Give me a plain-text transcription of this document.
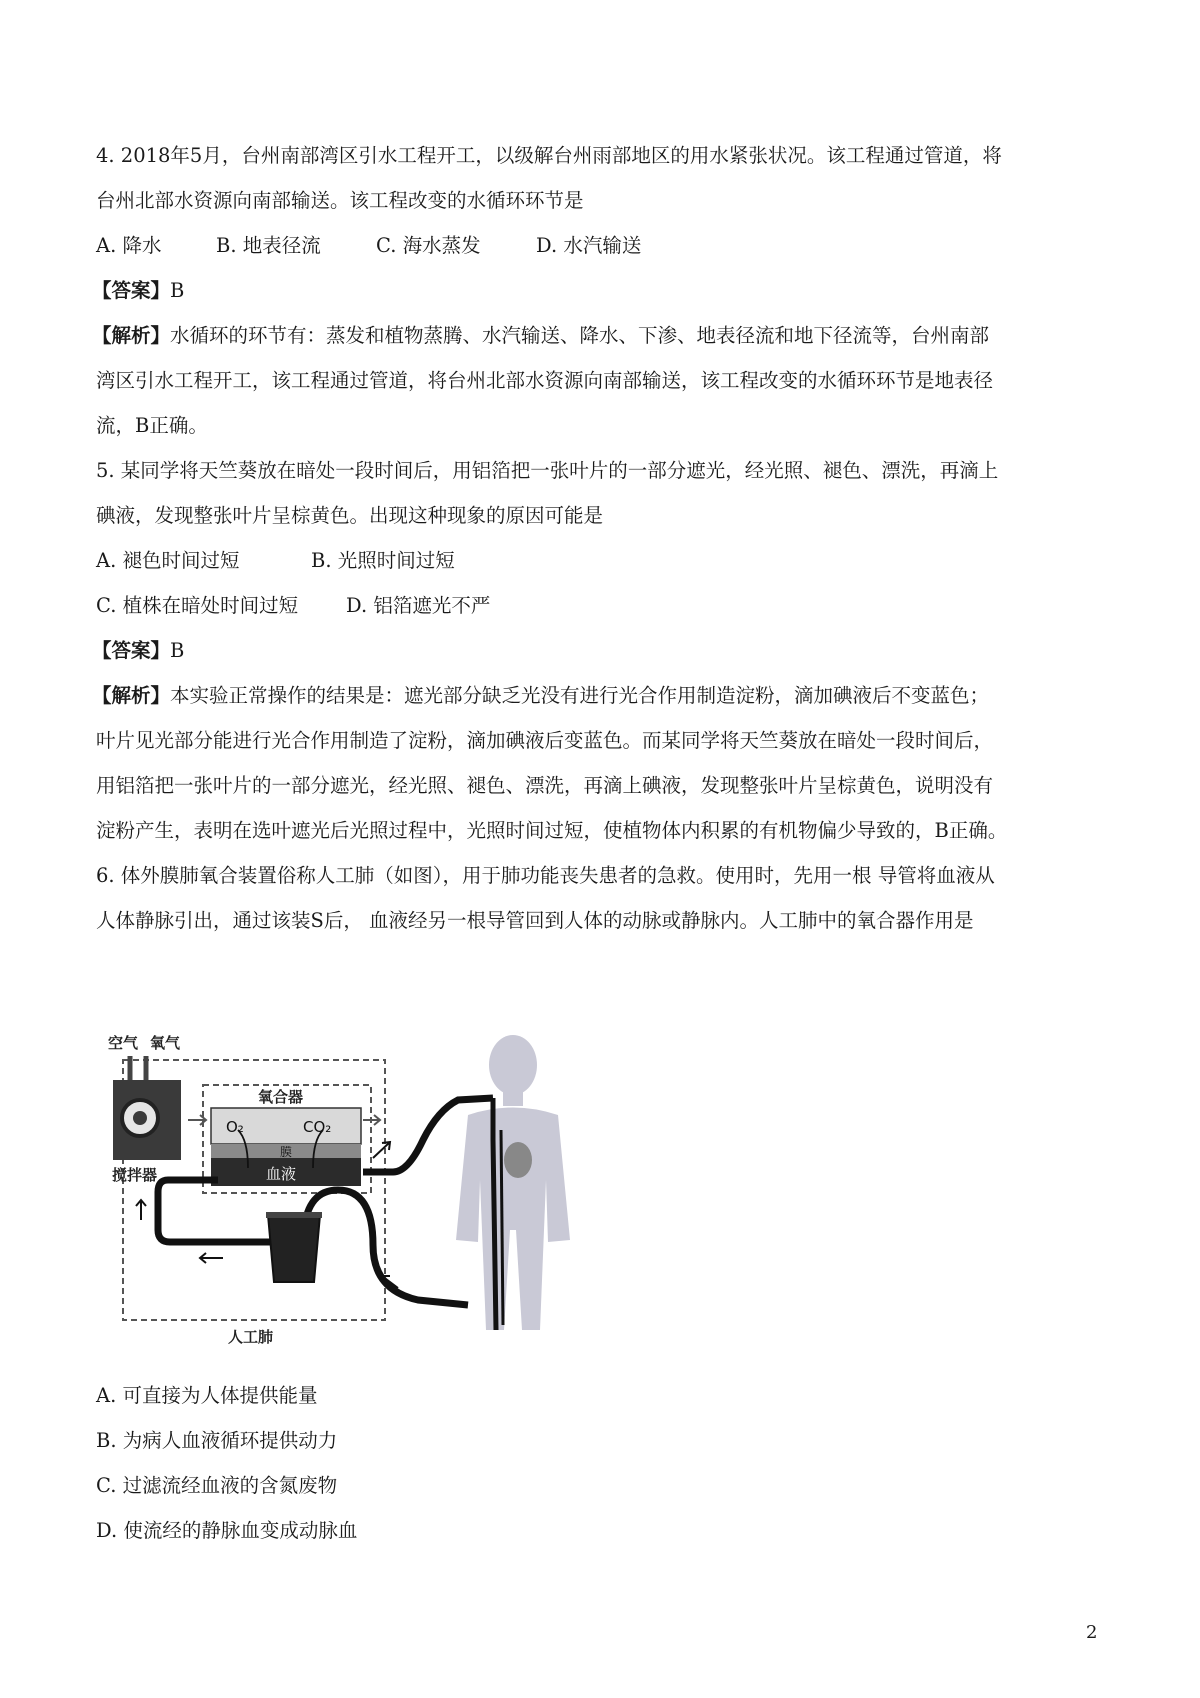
4. 2018年5月，台州南部湾区引水工程开工，以级解台州雨部地区的用水紧张状况。该工程通过管道，将
台州北部水资源向南部输送。该工程改变的水循环环节是
A. 降水	B. 地表径流	C. 海水蒸发	D. 水汽输送
【答案】B
【解析】水循环的环节有：蒸发和植物蒸腾、水汽输送、降水、下渗、地表径流和地下径流等，台州南部
湾区引水工程开工，该工程通过管道，将台州北部水资源向南部输送，该工程改变的水循环环节是地表径
流，B正确。
5. 某同学将天竺葵放在暗处一段时间后，用铝箔把一张叶片的一部分遮光，经光照、褪色、漂洗，再滴上
碘液，发现整张叶片呈棕黄色。出现这种现象的原因可能是
A. 褪色时间过短	B. 光照时间过短
C. 植株在暗处时间过短 D. 铝箔遮光不严
【答案】B
【解析】本实验正常操作的结果是：遮光部分缺乏光没有进行光合作用制造淀粉，滴加碘液后不变蓝色；
叶片见光部分能进行光合作用制造了淀粉，滴加碘液后变蓝色。而某同学将天竺葵放在暗处一段时间后，
用铝箔把一张叶片的一部分遮光，经光照、褪色、漂洗，再滴上碘液，发现整张叶片呈棕黄色，说明没有
淀粉产生，表明在选叶遮光后光照过程中，光照时间过短，使植物体内积累的有机物偏少导致的，B正确。
6. 体外膜肺氧合装置俗称人工肺（如图），用于肺功能丧失患者的急救。使用时，先用一根 导管将血液从
人体静脉引出，通过该装S后， 血液经另一根导管回到人体的动脉或静脉内。人工肺中的氧合器作用是
空气 氧气
氧合器
O₂	CO₂
膜
血液
搅拌器
人工肺
A. 可直接为人体提供能量
B. 为病人血液循环提供动力
C. 过滤流经血液的含氮废物
D. 使流经的静脉血变成动脉血
2
